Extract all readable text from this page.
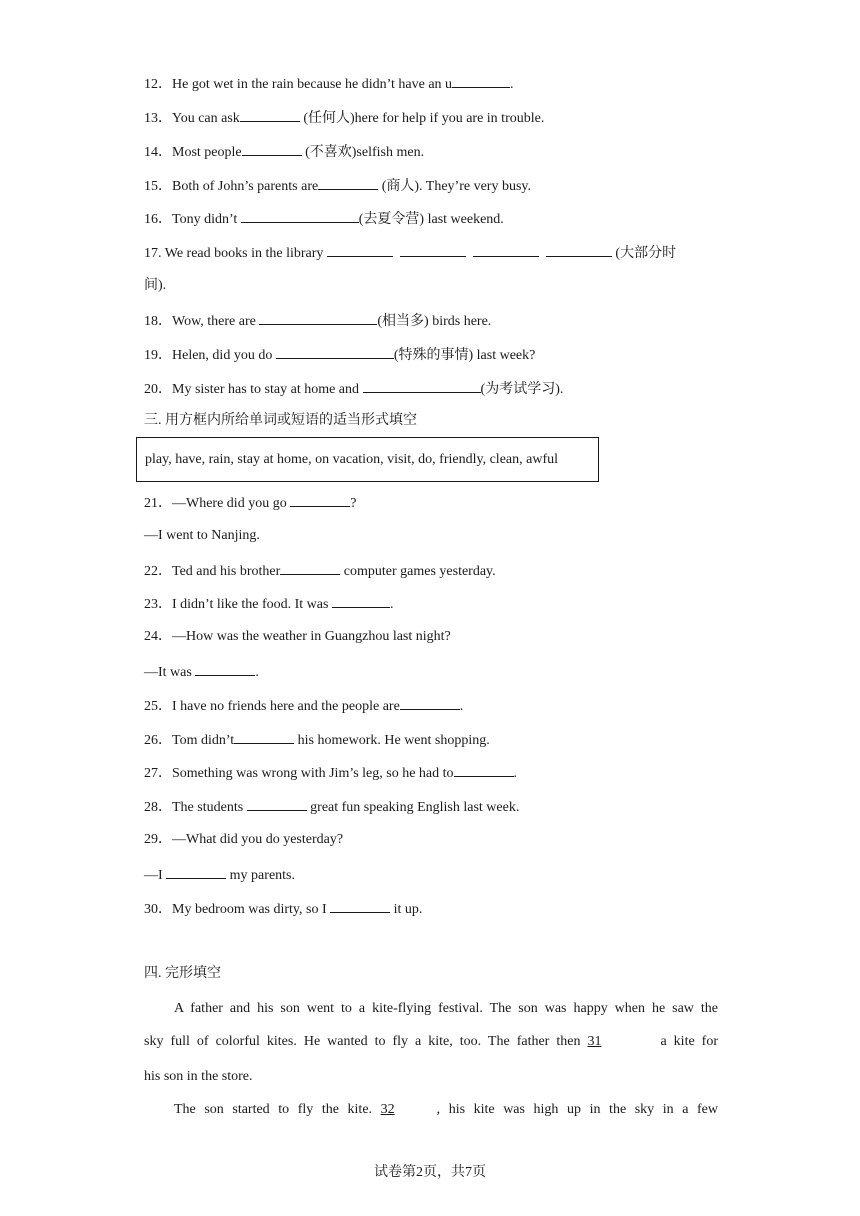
12．He got wet in the rain because he didn’t have an u	.
13．You can ask	(任何人)here for help if you are in trouble.
14．Most people	(不喜欢)selfish men.
15．Both of John’s parents are	(商人). They’re very busy.
16．Tony didn’t	(去夏令营) last weekend.
17. We read books in the library	(大部分时
间).
18．Wow, there are	(相当多) birds here.
19．Helen, did you do	(特殊的事情) last week?
20．My sister has to stay at home and	(为考试学习).
三. 用方框内所给单词或短语的适当形式填空
play, have, rain, stay at home, on vacation, visit, do, friendly, clean, awful
21．—Where did you go	?
—I went to Nanjing.
22．Ted and his brother	computer games yesterday.
23．I didn’t like the food. It was	.
24．—How was the weather in Guangzhou last night?
—It was	.
25．I have no friends here and the people are	.
26．Tom didn’t	his homework. He went shopping.
27．Something was wrong with Jim’s leg, so he had to	.
28．The students	great fun speaking English last week.
29．—What did you do yesterday?
—I	my parents.
30．My bedroom was dirty, so I	it up.
四. 完形填空
A father and his son went to a kite-flying festival. The son was happy when he saw the
sky full of colorful kites. He wanted to fly a kite, too. The father then 31	a kite for
his son in the store.
The son started to fly the kite. 32	, his kite was high up in the sky in a few
试卷第2页，共7页
